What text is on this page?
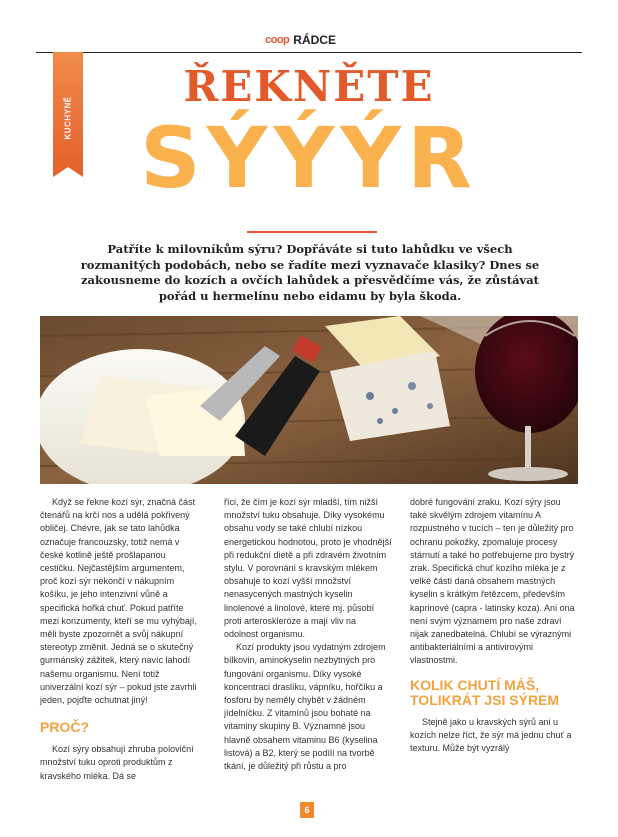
coop RÁDCE
KUCHYNĚ
ŘEKNĚTE
SÝÝÝR
Patříte k milovníkům sýru? Dopřáváte si tuto lahůdku ve všech rozmanitých podobách, nebo se řadíte mezi vyznavače klasiky? Dnes se zakousneme do kozích a ovčích lahůdek a přesvědčíme vás, že zůstávat pořád u hermelínu nebo eidamu by byla škoda.

Když se řekne kozí sýr, značná část čtenářů na krčí nos a udělá pokřivený obličej. Chévre, jak se tato lahůdka označuje francouzsky, totiž nemá v české kotlině ještě prošlapanou cestičku. Nejčastějším argumentem, proč kozí sýr nekončí v nákupním košíku, je jeho intenzivní vůně a specifická hořká chuť. Pokud patříte mezi konzumenty, kteří se mu vyhýbají, měli byste zpozornět a svůj nákupní stereotyp změnit. Jedná se o skutečný gurmánský zážitek, který navíc lahodí našemu organismu. Není totiž univerzální kozí sýr – pokud jste zavrhli jeden, pojďte ochutnat jiný!

PROČ?

Kozí sýry obsahují zhruba poloviční množství tuku oproti produktům z kravského mléka. Dá se

říci, že čím je kozí sýr mladší, tím nižší množství tuku obsahuje. Díky vysokému obsahu vody se také chlubí nízkou energetickou hodnotou, proto je vhodnější při redukční dietě a při zdravém životním stylu. V porovnání s kravským mlékem obsahuje to kozí vyšší množství nenasycených mastných kyselin linolenové a linolové, které mj. působí proti arteroskleróze a mají vliv na odolnost organismu.

Kozí produkty jsou vydatným zdrojem bílkovin, aminokyselin nezbytných pro fungování organismu. Díky vysoké koncentraci draslíku, vápníku, hořčíku a fosforu by neměly chybět v žádném jídelníčku. Z vitamínů jsou bohaté na vitaminy skupiny B. Významné jsou hlavně obsahem vitaminu B6 (kyselina listová) a B2, který se podílí na tvorbě tkání, je důležitý při růstu a pro

dobré fungování zraku. Kozí sýry jsou také skvělým zdrojem vitamínu A rozpustného v tucích – ten je důležitý pro ochranu pokožky, zpomaluje procesy stárnutí a také ho potřebujeme pro bystrý zrak. Specifická chuť kozího mléka je z velké části daná obsahem mastných kyselin s krátkým řetězcem, především kaprinové (capra - latinsky koza). Ani ona není svým významem pro naše zdraví nijak zanedbatelná. Chlubí se výraznými antibakteriálními a antivirovými vlastnostmi.

KOLIK CHUTÍ MÁŠ, TOLIKRÁT JSI SÝREM

Stejně jako u kravských sýrů ani u kozích nelze říct, že sýr má jednu chuť a texturu. Může být vyzrálý

6
